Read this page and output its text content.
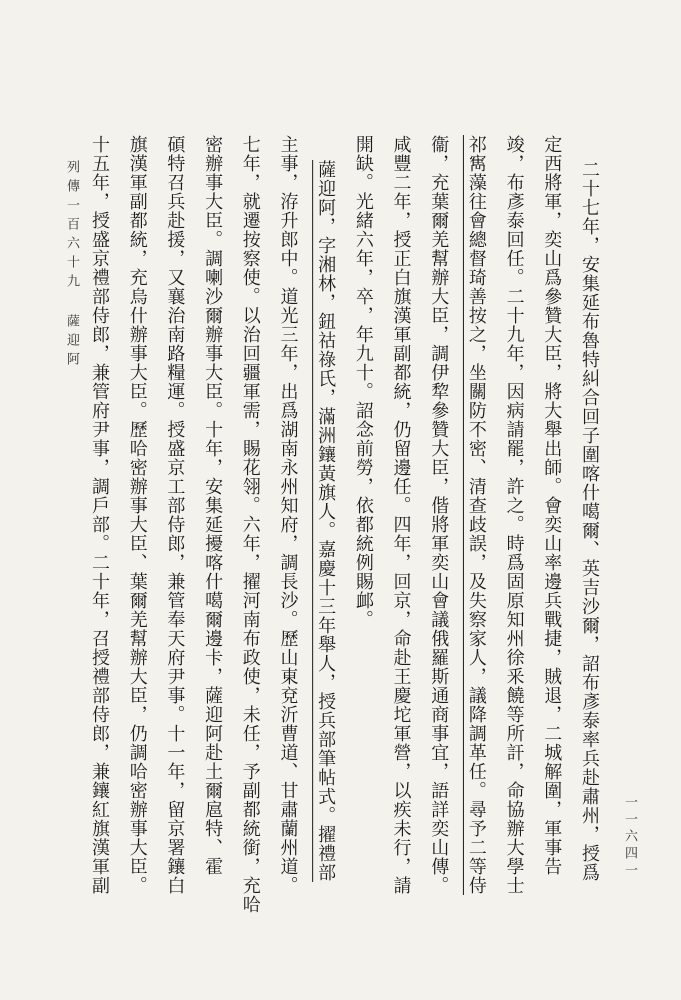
一一六四一
二十七年，安集延布魯特糾合回子圍喀什噶爾、英吉沙爾，詔布彥泰率兵赴肅州，授爲
定西將軍，奕山爲參贊大臣，將大舉出師。會奕山率邊兵戰捷，賊退，二城解圍，軍事告
竣，布彥泰回任。二十九年，因病請罷，許之。時爲固原知州徐釆饒等所訐，命協辦大學士
祁寯藻往會總督琦善按之，坐關防不密、清查歧誤，及失察家人，議降調革任。尋予二等侍
衞，充葉爾羌幫辦大臣，調伊犂參贊大臣，偕將軍奕山會議俄羅斯通商事宜，語詳奕山傳。
咸豐二年，授正白旗漢軍副都統，仍留邊任。四年，回京，命赴王慶坨軍營，以疾未行，請
開缺。光緒六年，卒，年九十。詔念前勞，依都統例賜䘏。
薩迎阿，字湘林，鈕祜祿氏，滿洲鑲黃旗人。嘉慶十三年舉人，授兵部筆帖式。擢禮部
主事，洊升郎中。道光三年，出爲湖南永州知府，調長沙。歷山東兗沂曹道、甘肅蘭州道。
七年，就遷按察使。以治回疆軍需，賜花翎。六年，擢河南布政使，未任，予副都統銜，充哈
密辦事大臣。調喇沙爾辦事大臣。十年，安集延擾喀什噶爾邊卡，薩迎阿赴土爾扈特、霍
碩特召兵赴援，又襄治南路糧運。授盛京工部侍郎，兼管奉天府尹事。十一年，留京署鑲白
旗漢軍副都統，充烏什辦事大臣。歷哈密辦事大臣、葉爾羌幫辦大臣，仍調哈密辦事大臣。
十五年，授盛京禮部侍郎，兼管府尹事，調戶部。二十年，召授禮部侍郎，兼鑲紅旗漢軍副
列傳一百六十九 薩迎阿
